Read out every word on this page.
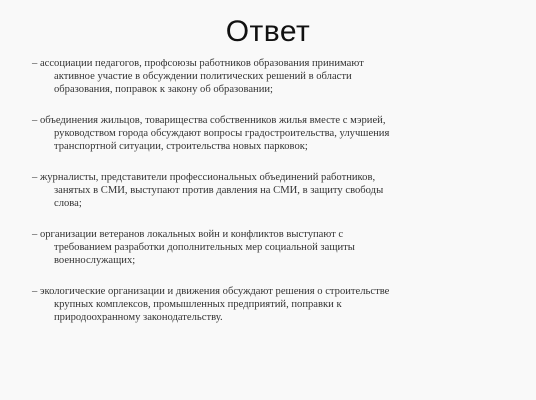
Ответ
– ассоциации педагогов, профсоюзы работников образования принимают
активное участие в обсуждении политических решений в области
образования, поправок к закону об образовании;
– объединения жильцов, товарищества собственников жилья вместе с мэрией,
руководством города обсуждают вопросы градостроительства, улучшения
транспортной ситуации, строительства новых парковок;
– журналисты, представители профессиональных объединений работников,
занятых в СМИ, выступают против давления на СМИ, в защиту свободы
слова;
– организации ветеранов локальных войн и конфликтов выступают с
требованием разработки дополнительных мер социальной защиты
военнослужащих;
– экологические организации и движения обсуждают решения о строительстве
крупных комплексов, промышленных предприятий, поправки к
природоохранному законодательству.
